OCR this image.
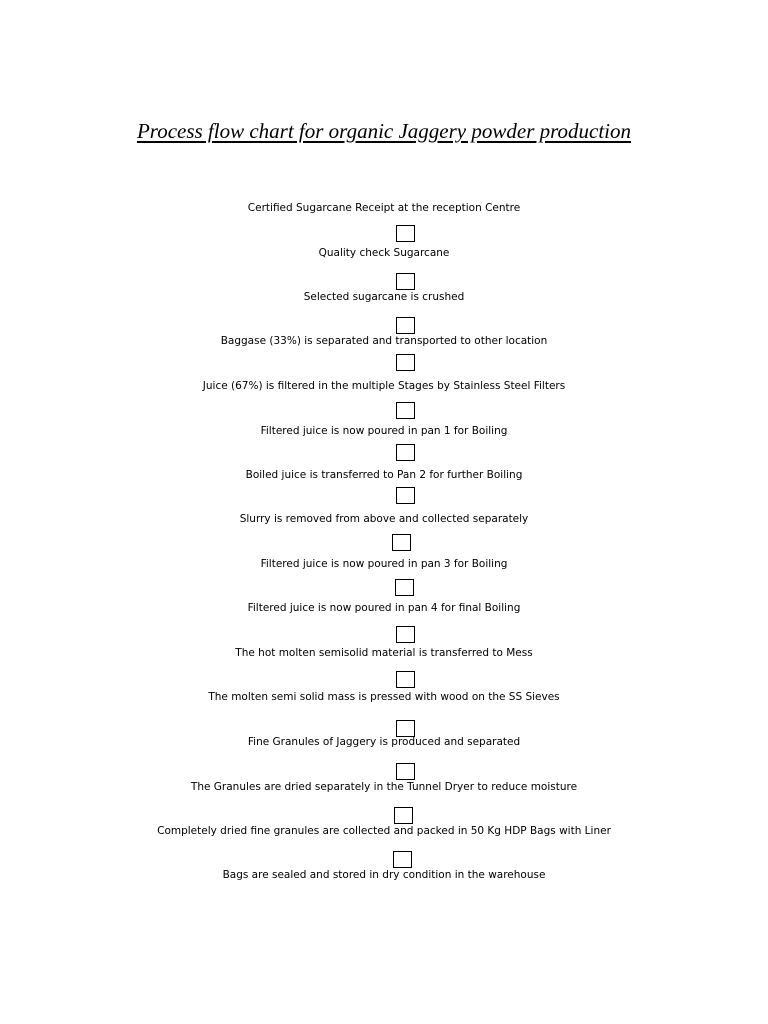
Process flow chart for organic Jaggery powder production
Certified Sugarcane Receipt at the reception Centre
Quality check Sugarcane
Selected sugarcane is crushed
Baggase (33%) is separated and transported to other location
Juice (67%) is filtered in the multiple Stages by Stainless Steel Filters
Filtered juice is now poured in pan 1 for Boiling
Boiled juice is transferred to Pan 2 for further Boiling
Slurry is removed from above and collected separately
Filtered juice is now poured in pan 3 for Boiling
Filtered juice is now poured in pan 4 for final Boiling
The hot molten semisolid material is transferred to Mess
The molten semi solid mass is pressed with wood on the SS Sieves
Fine Granules of Jaggery is produced and separated
The Granules are dried separately in the Tunnel Dryer to reduce moisture
Completely dried fine granules are collected and packed in 50 Kg HDP Bags with Liner
Bags are sealed and stored in dry condition in the warehouse
